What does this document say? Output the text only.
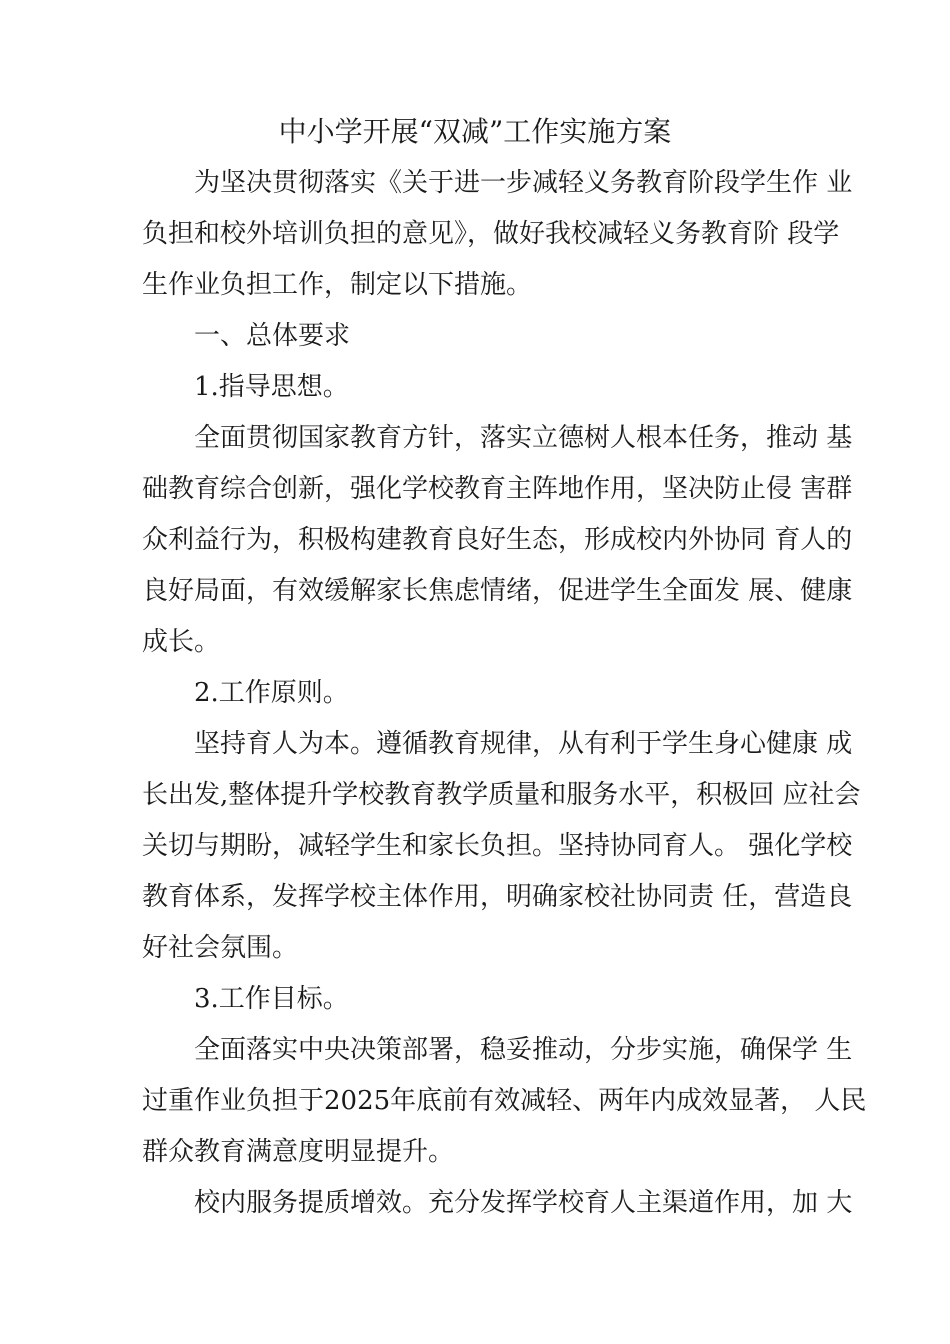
中小学开展“双减”工作实施方案
为坚决贯彻落实《关于进一步减轻义务教育阶段学生作 业
负担和校外培训负担的意见》，做好我校减轻义务教育阶 段学
生作业负担工作，制定以下措施。
一、总体要求
1.指导思想。
全面贯彻国家教育方针，落实立德树人根本任务，推动 基
础教育综合创新，强化学校教育主阵地作用，坚决防止侵 害群
众利益行为，积极构建教育良好生态，形成校内外协同 育人的
良好局面，有效缓解家长焦虑情绪，促进学生全面发 展、健康
成长。
2.工作原则。
坚持育人为本。遵循教育规律，从有利于学生身心健康 成
长出发,整体提升学校教育教学质量和服务水平，积极回 应社会
关切与期盼，减轻学生和家长负担。坚持协同育人。 强化学校
教育体系，发挥学校主体作用，明确家校社协同责 任，营造良
好社会氛围。
3.工作目标。
全面落实中央决策部署，稳妥推动，分步实施，确保学 生
过重作业负担于2025年底前有效减轻、两年内成效显著， 人民
群众教育满意度明显提升。
校内服务提质增效。充分发挥学校育人主渠道作用，加 大
